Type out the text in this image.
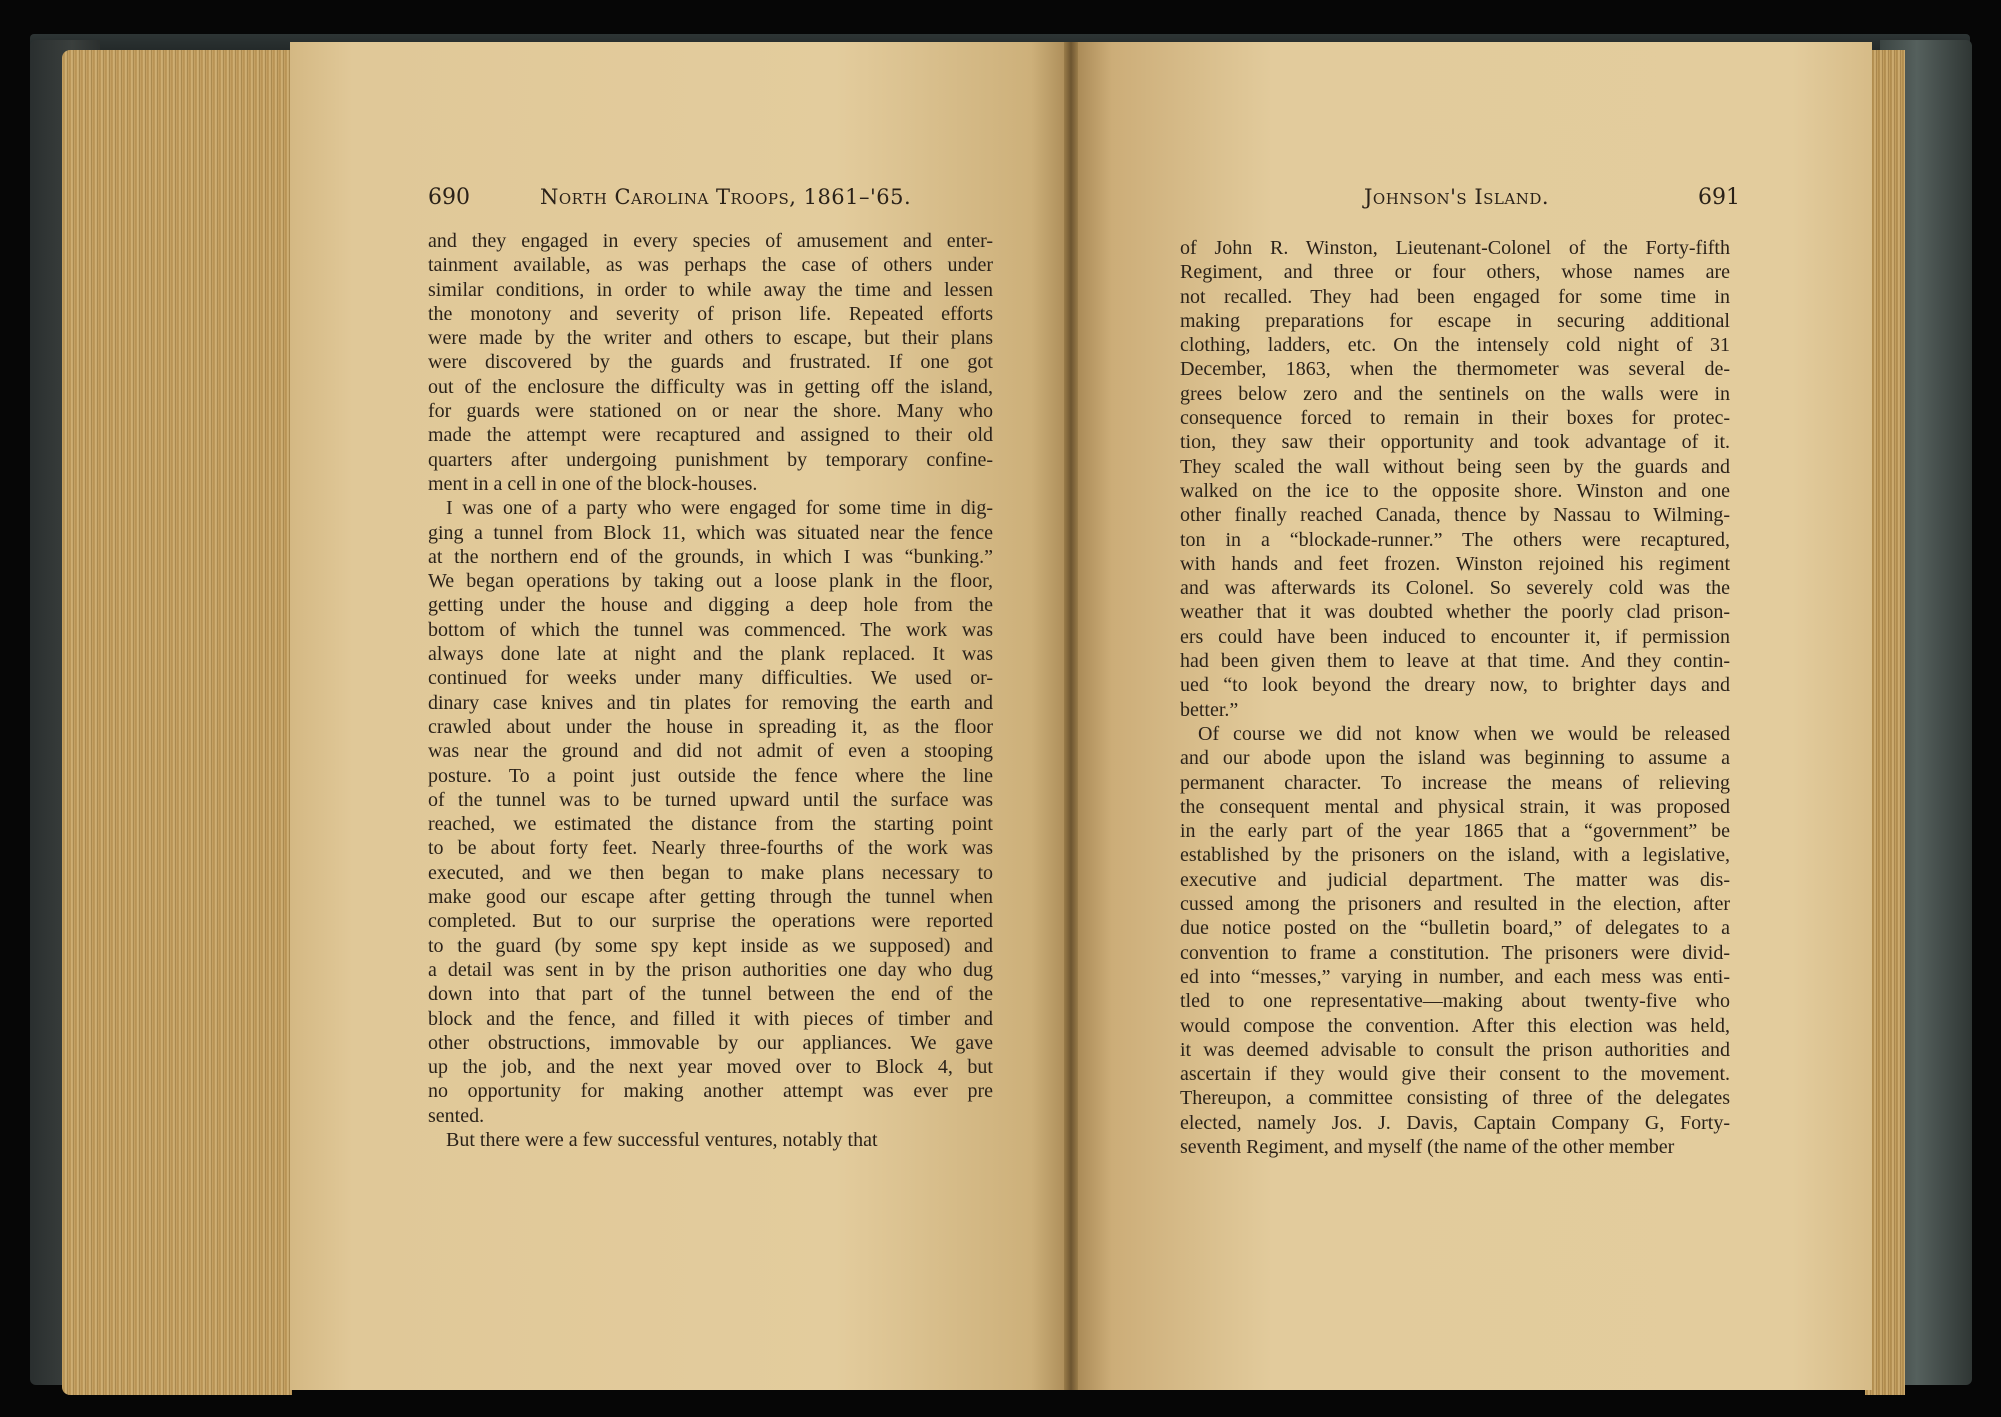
690	North Carolina Troops, 1861–'65.	Johnson's Island.	691
and they engaged in every species of amusement and enter-
tainment available, as was perhaps the case of others under
similar conditions, in order to while away the time and lessen
the monotony and severity of prison life. Repeated efforts
were made by the writer and others to escape, but their plans
were discovered by the guards and frustrated. If one got
out of the enclosure the difficulty was in getting off the island,
for guards were stationed on or near the shore. Many who
made the attempt were recaptured and assigned to their old
quarters after undergoing punishment by temporary confine-
ment in a cell in one of the block-houses.
I was one of a party who were engaged for some time in dig-
ging a tunnel from Block 11, which was situated near the fence
at the northern end of the grounds, in which I was “bunking.”
We began operations by taking out a loose plank in the floor,
getting under the house and digging a deep hole from the
bottom of which the tunnel was commenced. The work was
always done late at night and the plank replaced. It was
continued for weeks under many difficulties. We used or-
dinary case knives and tin plates for removing the earth and
crawled about under the house in spreading it, as the floor
was near the ground and did not admit of even a stooping
posture. To a point just outside the fence where the line
of the tunnel was to be turned upward until the surface was
reached, we estimated the distance from the starting point
to be about forty feet. Nearly three-fourths of the work was
executed, and we then began to make plans necessary to
make good our escape after getting through the tunnel when
completed. But to our surprise the operations were reported
to the guard (by some spy kept inside as we supposed) and
a detail was sent in by the prison authorities one day who dug
down into that part of the tunnel between the end of the
block and the fence, and filled it with pieces of timber and
other obstructions, immovable by our appliances. We gave
up the job, and the next year moved over to Block 4, but
no opportunity for making another attempt was ever pre
sented.
But there were a few successful ventures, notably that
of John R. Winston, Lieutenant-Colonel of the Forty-fifth
Regiment, and three or four others, whose names are
not recalled. They had been engaged for some time in
making preparations for escape in securing additional
clothing, ladders, etc. On the intensely cold night of 31
December, 1863, when the thermometer was several de-
grees below zero and the sentinels on the walls were in
consequence forced to remain in their boxes for protec-
tion, they saw their opportunity and took advantage of it.
They scaled the wall without being seen by the guards and
walked on the ice to the opposite shore. Winston and one
other finally reached Canada, thence by Nassau to Wilming-
ton in a “blockade-runner.” The others were recaptured,
with hands and feet frozen. Winston rejoined his regiment
and was afterwards its Colonel. So severely cold was the
weather that it was doubted whether the poorly clad prison-
ers could have been induced to encounter it, if permission
had been given them to leave at that time. And they contin-
ued “to look beyond the dreary now, to brighter days and
better.”
Of course we did not know when we would be released
and our abode upon the island was beginning to assume a
permanent character. To increase the means of relieving
the consequent mental and physical strain, it was proposed
in the early part of the year 1865 that a “government” be
established by the prisoners on the island, with a legislative,
executive and judicial department. The matter was dis-
cussed among the prisoners and resulted in the election, after
due notice posted on the “bulletin board,” of delegates to a
convention to frame a constitution. The prisoners were divid-
ed into “messes,” varying in number, and each mess was enti-
tled to one representative—making about twenty-five who
would compose the convention. After this election was held,
it was deemed advisable to consult the prison authorities and
ascertain if they would give their consent to the movement.
Thereupon, a committee consisting of three of the delegates
elected, namely Jos. J. Davis, Captain Company G, Forty-
seventh Regiment, and myself (the name of the other member
